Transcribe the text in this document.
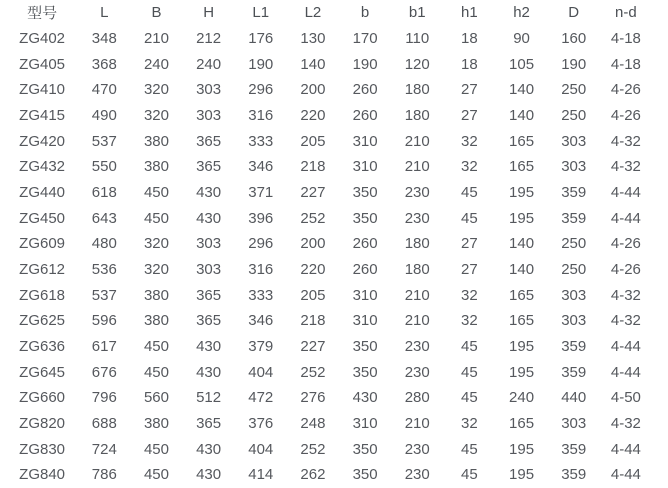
型号	L	B	H	L1	L2	b	b1	h1	h2	D	n-d
ZG402	348	210	212	176	130	170	110	18	90	160	4-18
ZG405	368	240	240	190	140	190	120	18	105	190	4-18
ZG410	470	320	303	296	200	260	180	27	140	250	4-26
ZG415	490	320	303	316	220	260	180	27	140	250	4-26
ZG420	537	380	365	333	205	310	210	32	165	303	4-32
ZG432	550	380	365	346	218	310	210	32	165	303	4-32
ZG440	618	450	430	371	227	350	230	45	195	359	4-44
ZG450	643	450	430	396	252	350	230	45	195	359	4-44
ZG609	480	320	303	296	200	260	180	27	140	250	4-26
ZG612	536	320	303	316	220	260	180	27	140	250	4-26
ZG618	537	380	365	333	205	310	210	32	165	303	4-32
ZG625	596	380	365	346	218	310	210	32	165	303	4-32
ZG636	617	450	430	379	227	350	230	45	195	359	4-44
ZG645	676	450	430	404	252	350	230	45	195	359	4-44
ZG660	796	560	512	472	276	430	280	45	240	440	4-50
ZG820	688	380	365	376	248	310	210	32	165	303	4-32
ZG830	724	450	430	404	252	350	230	45	195	359	4-44
ZG840	786	450	430	414	262	350	230	45	195	359	4-44
